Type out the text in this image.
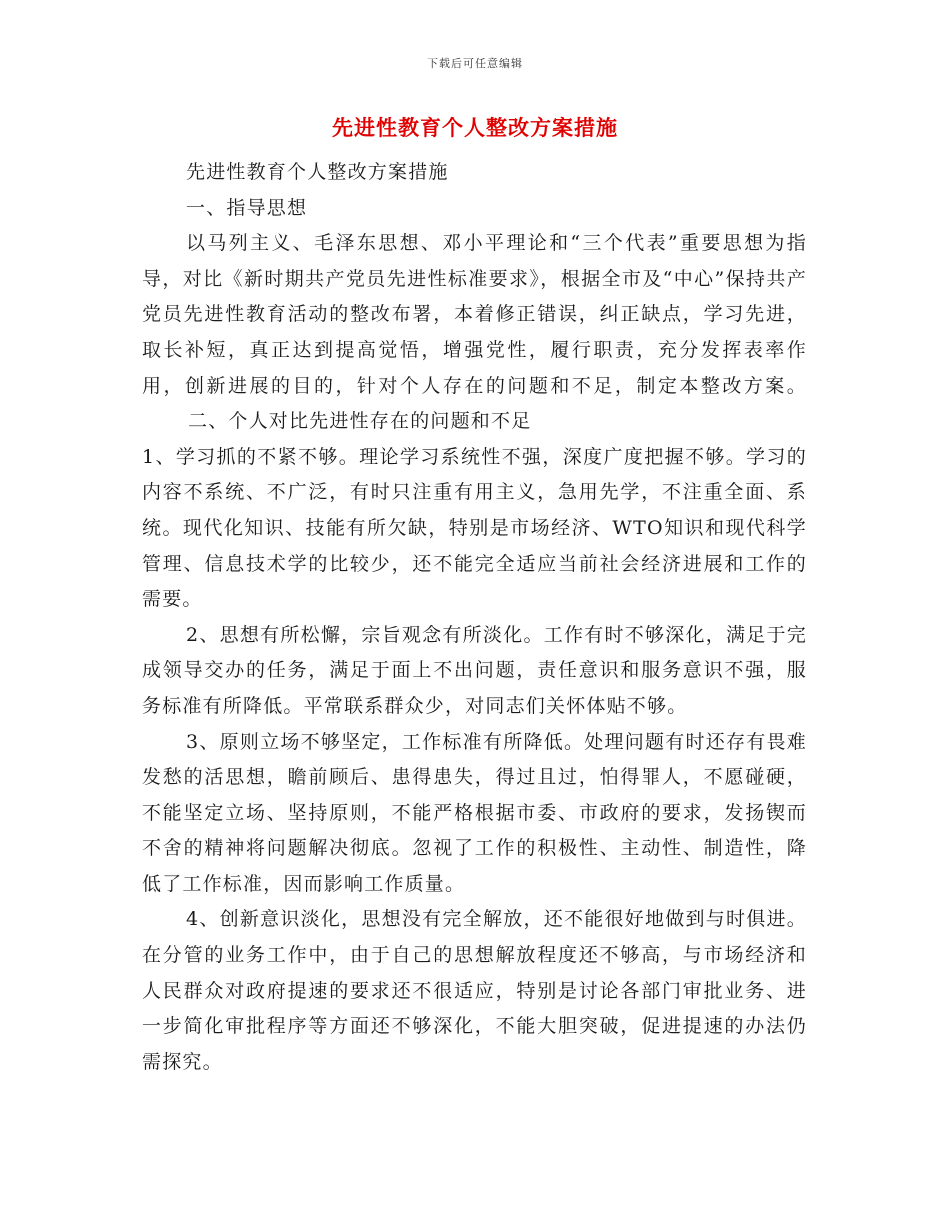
下载后可任意编辑
先进性教育个人整改方案措施

先进性教育个人整改方案措施

一、指导思想

以马列主义、毛泽东思想、邓小平理论和“三个代表”重要思想为指导，对比《新时期共产党员先进性标准要求》，根据全市及“中心”保持共产党员先进性教育活动的整改布署，本着修正错误，纠正缺点，学习先进，取长补短，真正达到提高觉悟，增强党性，履行职责，充分发挥表率作用，创新进展的目的，针对个人存在的问题和不足，制定本整改方案。二、个人对比先进性存在的问题和不足

1、学习抓的不紧不够。理论学习系统性不强，深度广度把握不够。学习的内容不系统、不广泛，有时只注重有用主义，急用先学，不注重全面、系统。现代化知识、技能有所欠缺，特别是市场经济、WTO知识和现代科学管理、信息技术学的比较少，还不能完全适应当前社会经济进展和工作的需要。

2、思想有所松懈，宗旨观念有所淡化。工作有时不够深化，满足于完成领导交办的任务，满足于面上不出问题，责任意识和服务意识不强，服务标准有所降低。平常联系群众少，对同志们关怀体贴不够。

3、原则立场不够坚定，工作标准有所降低。处理问题有时还存有畏难发愁的活思想，瞻前顾后、患得患失，得过且过，怕得罪人，不愿碰硬，不能坚定立场、坚持原则，不能严格根据市委、市政府的要求，发扬锲而不舍的精神将问题解决彻底。忽视了工作的积极性、主动性、制造性，降低了工作标准，因而影响工作质量。

4、创新意识淡化，思想没有完全解放，还不能很好地做到与时俱进。在分管的业务工作中，由于自己的思想解放程度还不够高，与市场经济和人民群众对政府提速的要求还不很适应，特别是讨论各部门审批业务、进一步简化审批程序等方面还不够深化，不能大胆突破，促进提速的办法仍需探究。
